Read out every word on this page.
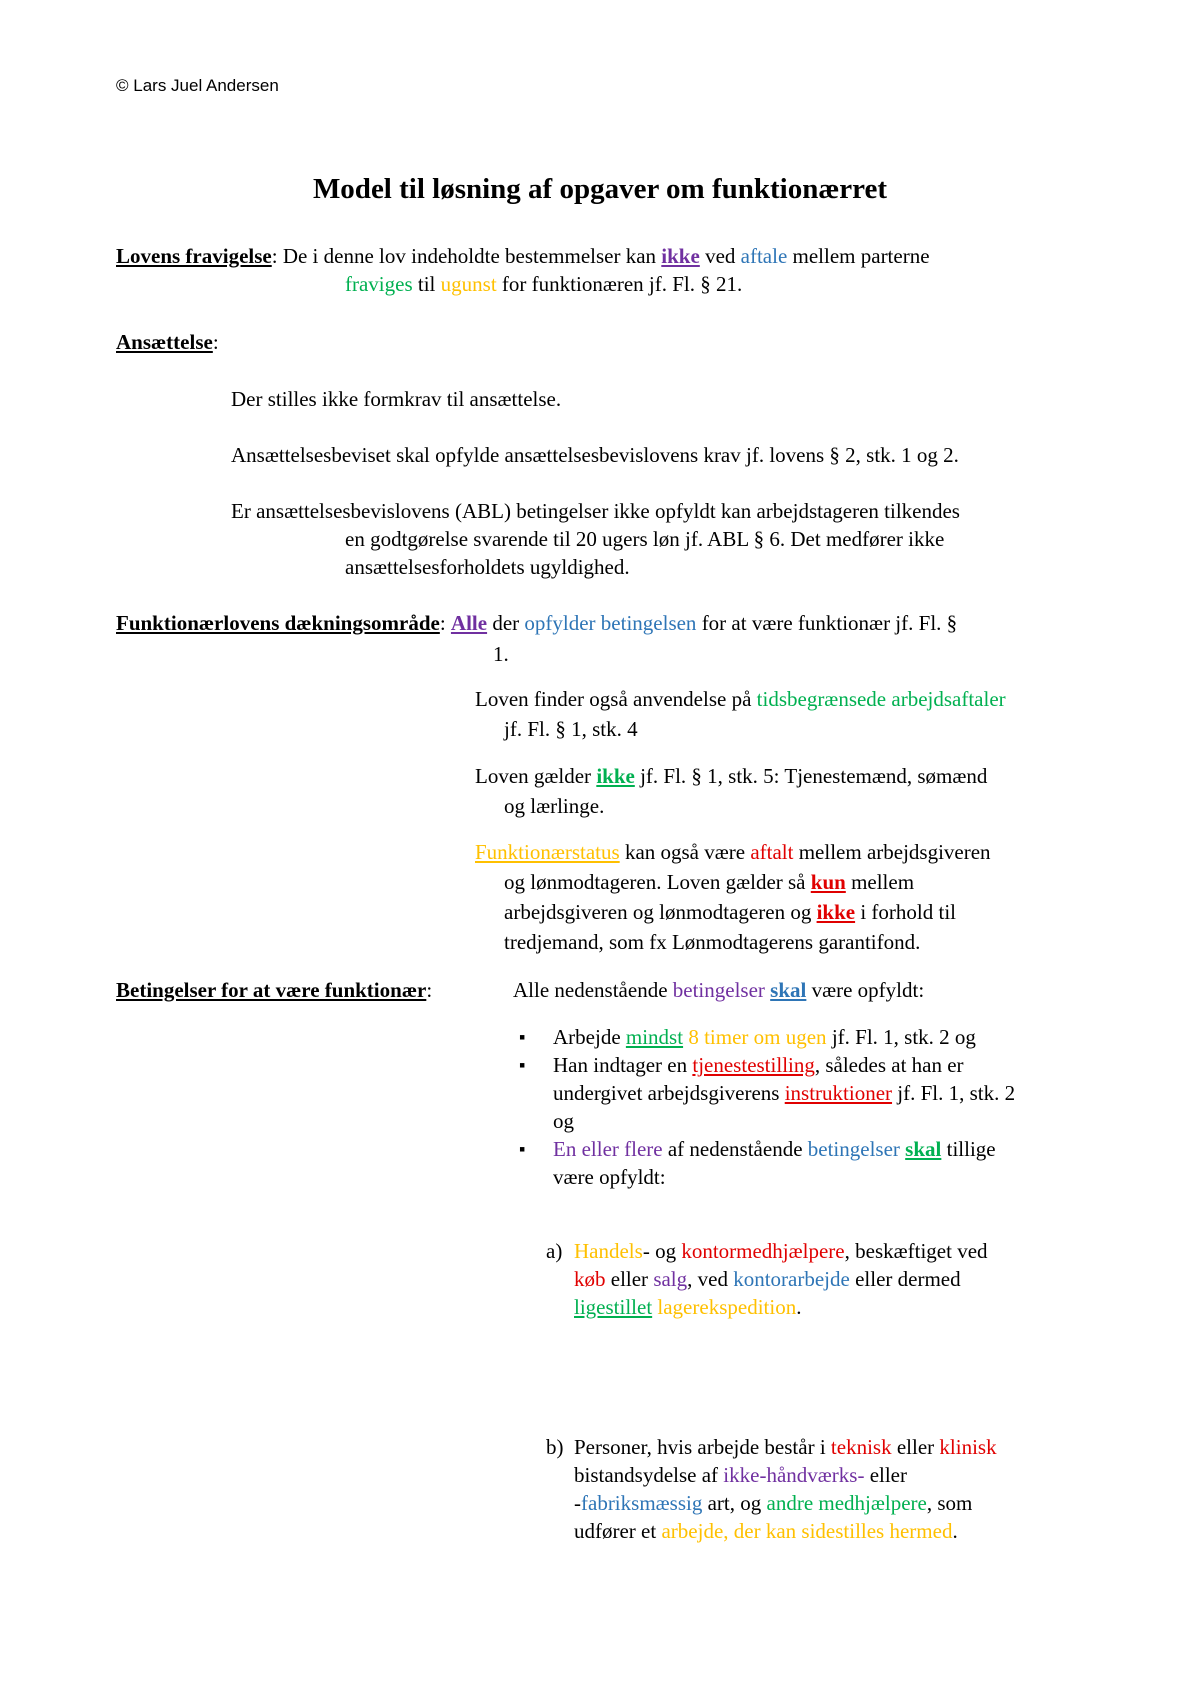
© Lars Juel Andersen
Model til løsning af opgaver om funktionærret
Lovens fravigelse: De i denne lov indeholdte bestemmelser kan ikke ved aftale mellem parterne
fraviges til ugunst for funktionæren jf. Fl. § 21.
Ansættelse:
Der stilles ikke formkrav til ansættelse.
Ansættelsesbeviset skal opfylde ansættelsesbevislovens krav jf. lovens § 2, stk. 1 og 2.
Er ansættelsesbevislovens (ABL) betingelser ikke opfyldt kan arbejdstageren tilkendes
en godtgørelse svarende til 20 ugers løn jf. ABL § 6. Det medfører ikke
ansættelsesforholdets ugyldighed.
Funktionærlovens dækningsområde: Alle der opfylder betingelsen for at være funktionær jf. Fl. §
1.
Loven finder også anvendelse på tidsbegrænsede arbejdsaftaler
jf. Fl. § 1, stk. 4
Loven gælder ikke jf. Fl. § 1, stk. 5: Tjenestemænd, sømænd
og lærlinge.
Funktionærstatus kan også være aftalt mellem arbejdsgiveren
og lønmodtageren. Loven gælder så kun mellem
arbejdsgiveren og lønmodtageren og ikke i forhold til
tredjemand, som fx Lønmodtagerens garantifond.
Betingelser for at være funktionær:	Alle nedenstående betingelser skal være opfyldt:
▪ Arbejde mindst 8 timer om ugen jf. Fl. 1, stk. 2 og
▪ Han indtager en tjenestestilling, således at han er
undergivet arbejdsgiverens instruktioner jf. Fl. 1, stk. 2
og
▪ En eller flere af nedenstående betingelser skal tillige
være opfyldt:
a) Handels- og kontormedhjælpere, beskæftiget ved
køb eller salg, ved kontorarbejde eller dermed
ligestillet lagerekspedition.
b) Personer, hvis arbejde består i teknisk eller klinisk
bistandsydelse af ikke-håndværks- eller
-fabriksmæssig art, og andre medhjælpere, som
udfører et arbejde, der kan sidestilles hermed.
